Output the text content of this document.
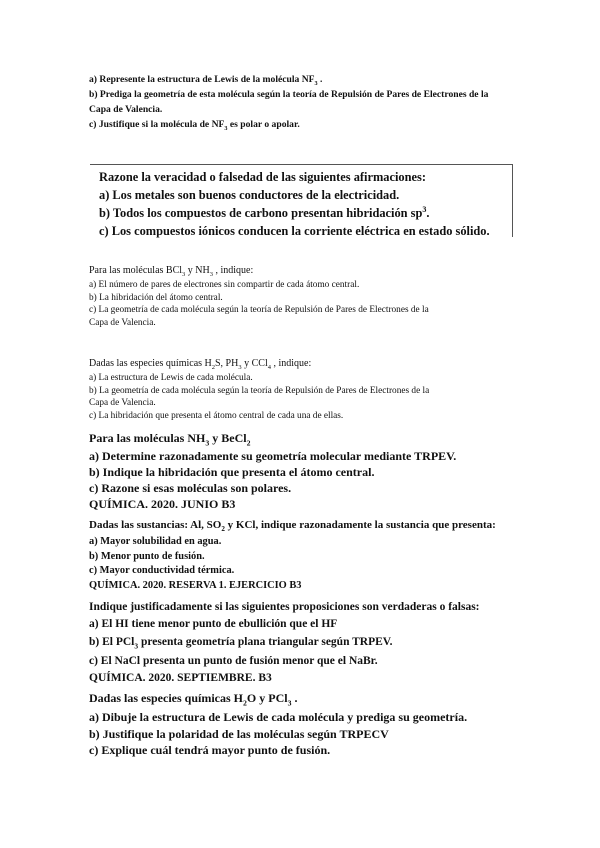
a) Represente la estructura de Lewis de la molécula $NF_3$ .
b) Prediga la geometría de esta molécula según la teoría de Repulsión de Pares de Electrones de la
Capa de Valencia.
c) Justifique si la molécula de $NF_3$ es polar o apolar.
Razone la veracidad o falsedad de las siguientes afirmaciones:
a) Los metales son buenos conductores de la electricidad.
b) Todos los compuestos de carbono presentan hibridación $sp^3$.
c) Los compuestos iónicos conducen la corriente eléctrica en estado sólido.
Para las moléculas BCl$_3$ y $NH_3$ , indique:
a) El número de pares de electrones sin compartir de cada átomo central.
b) La hibridación del átomo central.
c) La geometría de cada molécula según la teoría de Repulsión de Pares de Electrones de la
Capa de Valencia.
Dadas las especies químicas $H_2S$, $PH_3$ y CCl$_4$ , indique:
a) La estructura de Lewis de cada molécula.
b) La geometría de cada molécula según la teoría de Repulsión de Pares de Electrones de la
Capa de Valencia.
c) La hibridación que presenta el átomo central de cada una de ellas.
Para las moléculas $NH_3$ y BeCl$_2$
a) Determine razonadamente su geometría molecular mediante TRPEV.
b) Indique la hibridación que presenta el átomo central.
c) Razone si esas moléculas son polares.
QUÍMICA. 2020. JUNIO B3
Dadas las sustancias: Al, $SO_2$ y KCl, indique razonadamente la sustancia que presenta:
a) Mayor solubilidad en agua.
b) Menor punto de fusión.
c) Mayor conductividad térmica.
QUÍMICA. 2020. RESERVA 1. EJERCICIO B3
Indique justificadamente si las siguientes proposiciones son verdaderas o falsas:
a) El HI tiene menor punto de ebullición que el HF
b) El PCl$_3$ presenta geometría plana triangular según TRPEV.
c) El NaCl presenta un punto de fusión menor que el NaBr.
QUÍMICA. 2020. SEPTIEMBRE. B3
Dadas las especies químicas $H_2O$ y PCl$_3$ .
a) Dibuje la estructura de Lewis de cada molécula y prediga su geometría.
b) Justifique la polaridad de las moléculas según TRPECV
c) Explique cuál tendrá mayor punto de fusión.
